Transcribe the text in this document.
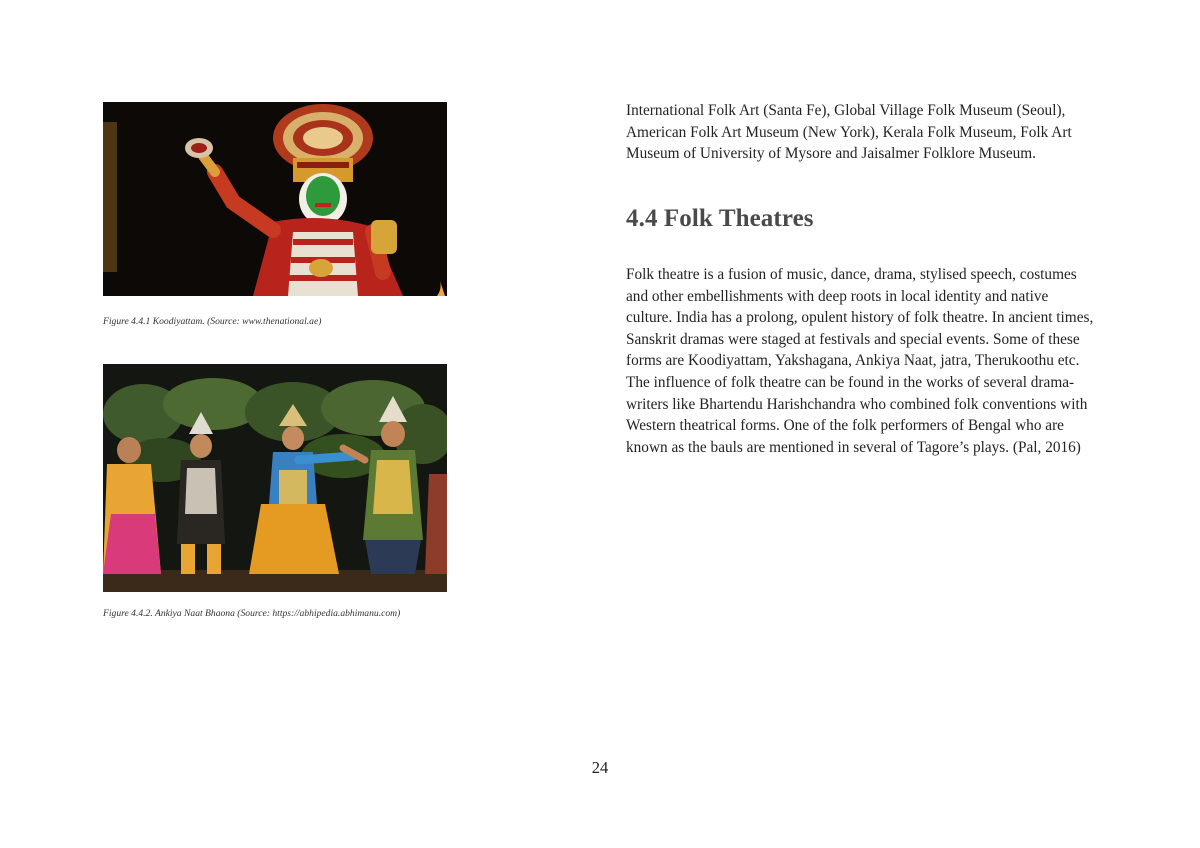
Figure 4.4.1 Koodiyattam. (Source: www.thenational.ae)
Figure 4.4.2. Ankiya Naat Bhaona (Source: https://abhipedia.abhimanu.com)

International Folk Art (Santa Fe), Global Village Folk Museum (Seoul), American Folk Art Museum (New York), Kerala Folk Museum, Folk Art Museum of University of Mysore and Jaisalmer Folklore Museum.

4.4 Folk Theatres

Folk theatre is a fusion of music, dance, drama, stylised speech, costumes and other embellishments with deep roots in local identity and native culture. India has a prolong, opulent history of folk theatre. In ancient times, Sanskrit dramas were staged at festivals and special events. Some of these forms are Koodiyattam, Yakshagana, Ankiya Naat, jatra, Therukoothu etc. The influence of folk theatre can be found in the works of several drama-writers like Bhartendu Harishchandra who combined folk conventions with Western theatrical forms. One of the folk performers of Bengal who are known as the bauls are mentioned in several of Tagore’s plays. (Pal, 2016)

24
